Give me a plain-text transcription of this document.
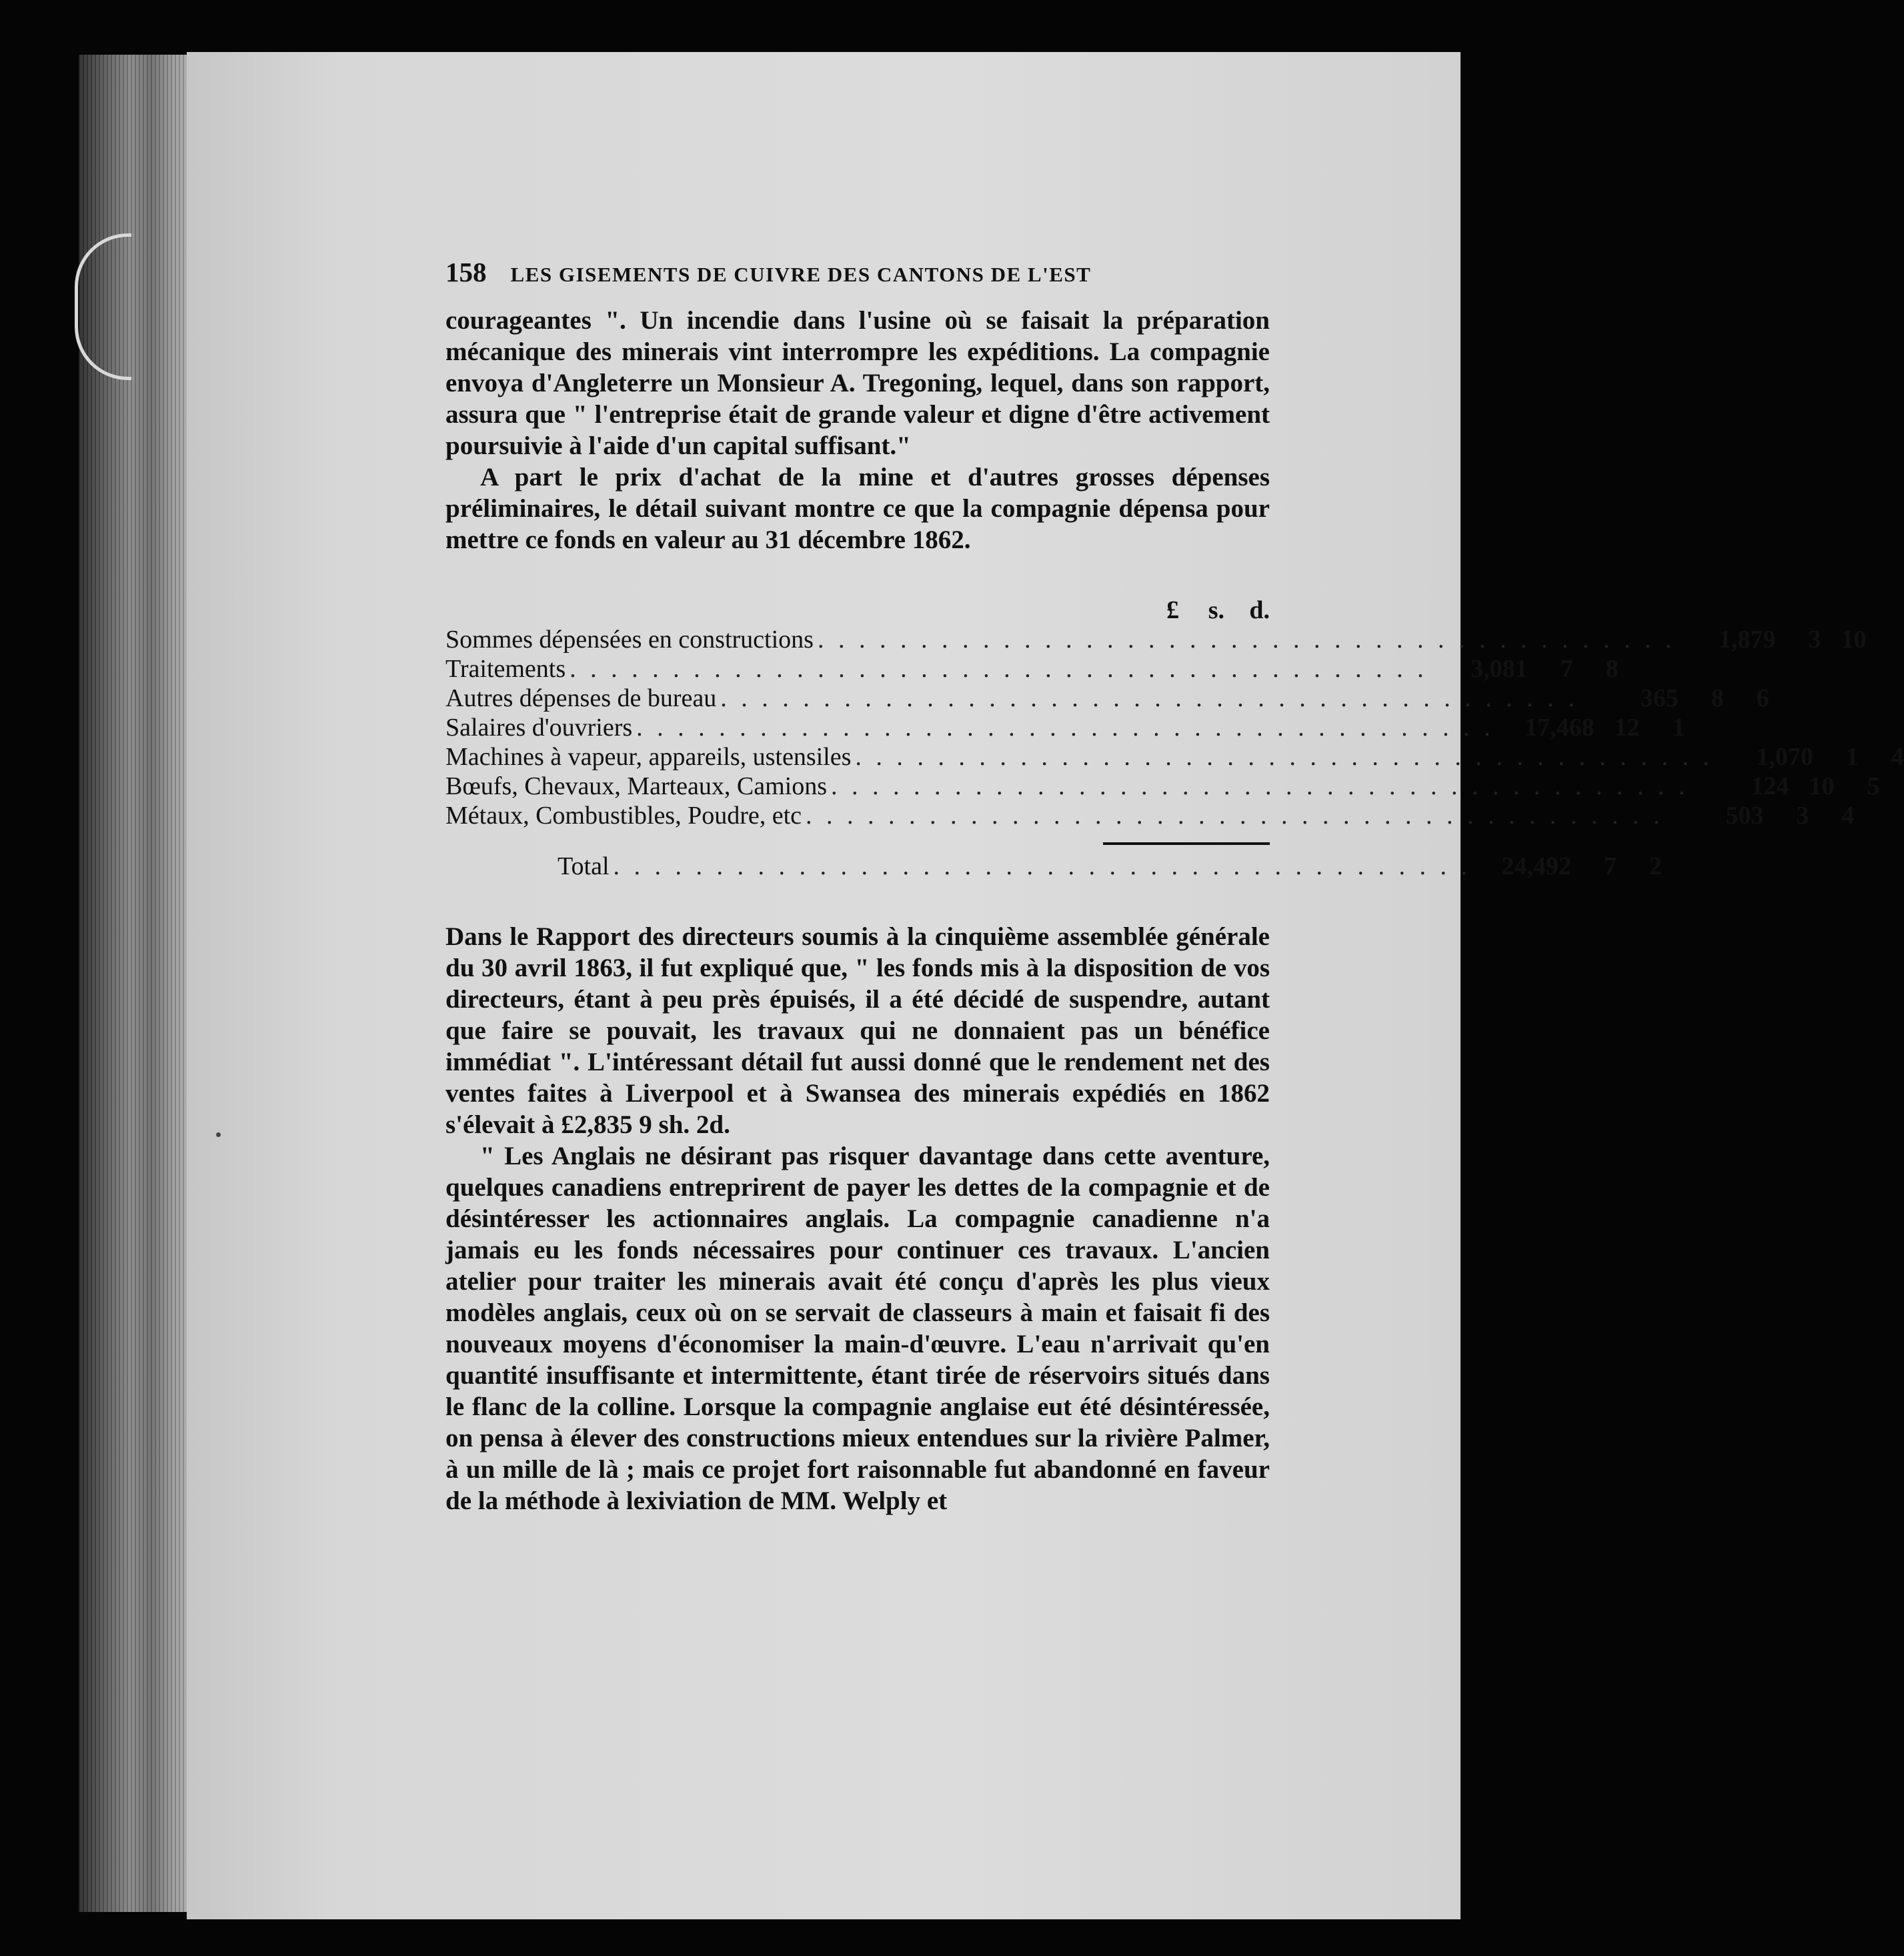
158 LES GISEMENTS DE CUIVRE DES CANTONS DE L'EST

courageantes ". Un incendie dans l'usine où se faisait la préparation mécanique des minerais vint interrompre les expéditions. La compagnie envoya d'Angleterre un Monsieur A. Tregoning, lequel, dans son rapport, assura que " l'entreprise était de grande valeur et digne d'être activement poursuivie à l'aide d'un capital suffisant."

A part le prix d'achat de la mine et d'autres grosses dépenses préliminaires, le détail suivant montre ce que la compagnie dépensa pour mettre ce fonds en valeur au 31 décembre 1862.

£	s. d.
Sommes dépensées en constructions . . . . . . . . . . . . . . . . . . . . . . . . . . . . . . . . . . . . . . . . . .	1,879	3 10
Traitements . . . . . . . . . . . . . . . . . . . . . . . . . . . . . . . . . . . . . . . . . .	3,081	7	8
Autres dépenses de bureau . . . . . . . . . . . . . . . . . . . . . . . . . . . . . . . . . . . . . . . . . .	365	8	6
Salaires d'ouvriers . . . . . . . . . . . . . . . . . . . . . . . . . . . . . . . . . . . . . . . . . .	17,468 12	1
Machines à vapeur, appareils, ustensiles . . . . . . . . . . . . . . . . . . . . . . . . . . . . . . . . . . . . . . . . . .	1,070	1	4
Bœufs, Chevaux, Marteaux, Camions . . . . . . . . . . . . . . . . . . . . . . . . . . . . . . . . . . . . . . . . . .	124 10	5
Métaux, Combustibles, Poudre, etc . . . . . . . . . . . . . . . . . . . . . . . . . . . . . . . . . . . . . . . . . .	503	3	4
Total . . . . . . . . . . . . . . . . . . . . . . . . . . . . . . . . . . . . . . . . . .	24,492	7	2

Dans le Rapport des directeurs soumis à la cinquième assemblée générale du 30 avril 1863, il fut expliqué que, " les fonds mis à la disposition de vos directeurs, étant à peu près épuisés, il a été décidé de suspendre, autant que faire se pouvait, les travaux qui ne donnaient pas un bénéfice immédiat ". L'intéressant détail fut aussi donné que le rendement net des ventes faites à Liverpool et à Swansea des minerais expédiés en 1862 s'élevait à £2,835 9 sh. 2d.

" Les Anglais ne désirant pas risquer davantage dans cette aventure, quelques canadiens entreprirent de payer les dettes de la compagnie et de désintéresser les actionnaires anglais. La compagnie canadienne n'a jamais eu les fonds nécessaires pour continuer ces travaux. L'ancien atelier pour traiter les minerais avait été conçu d'après les plus vieux modèles anglais, ceux où on se servait de classeurs à main et faisait fi des nouveaux moyens d'économiser la main-d'œuvre. L'eau n'arrivait qu'en quantité insuffisante et intermittente, étant tirée de réservoirs situés dans le flanc de la colline. Lorsque la compagnie anglaise eut été désintéressée, on pensa à élever des constructions mieux entendues sur la rivière Palmer, à un mille de là ; mais ce projet fort raisonnable fut abandonné en faveur de la méthode à lexiviation de MM. Welply et
